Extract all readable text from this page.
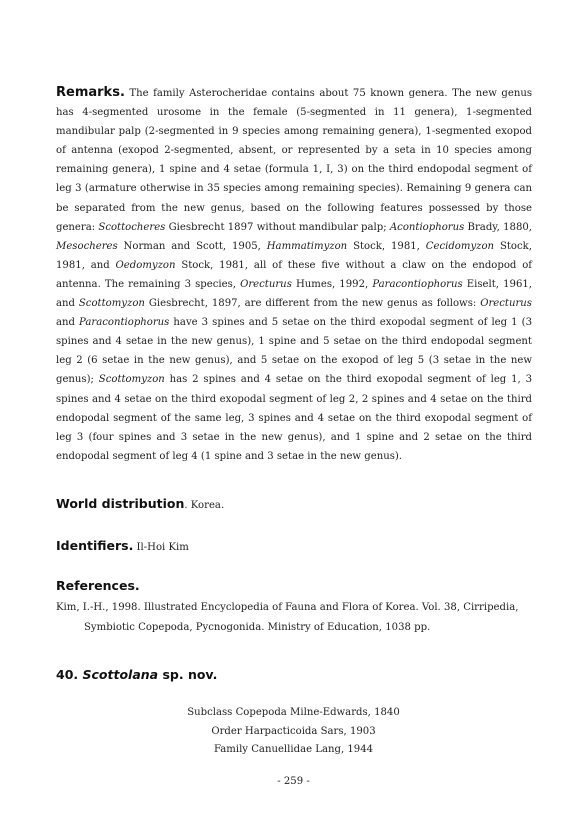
Remarks. The family Asterocheridae contains about 75 known genera. The new genus has 4-segmented urosome in the female (5-segmented in 11 genera), 1-segmented mandibular palp (2-segmented in 9 species among remaining genera), 1-segmented exopod of antenna (exopod 2-segmented, absent, or represented by a seta in 10 species among remaining genera), 1 spine and 4 setae (formula 1, I, 3) on the third endopodal segment of leg 3 (armature otherwise in 35 species among remaining species). Remaining 9 genera can be separated from the new genus, based on the following features possessed by those genera: Scottocheres Giesbrecht 1897 without mandibular palp; Acontiophorus Brady, 1880, Mesocheres Norman and Scott, 1905, Hammatimyzon Stock, 1981, Cecidomyzon Stock, 1981, and Oedomyzon Stock, 1981, all of these five without a claw on the endopod of antenna. The remaining 3 species, Orecturus Humes, 1992, Paracontiophorus Eiselt, 1961, and Scottomyzon Giesbrecht, 1897, are different from the new genus as follows: Orecturus and Paracontiophorus have 3 spines and 5 setae on the third exopodal segment of leg 1 (3 spines and 4 setae in the new genus), 1 spine and 5 setae on the third endopodal segment leg 2 (6 setae in the new genus), and 5 setae on the exopod of leg 5 (3 setae in the new genus); Scottomyzon has 2 spines and 4 setae on the third exopodal segment of leg 1, 3 spines and 4 setae on the third exopodal segment of leg 2, 2 spines and 4 setae on the third endopodal segment of the same leg, 3 spines and 4 setae on the third exopodal segment of leg 3 (four spines and 3 setae in the new genus), and 1 spine and 2 setae on the third endopodal segment of leg 4 (1 spine and 3 setae in the new genus).

World distribution. Korea.

Identifiers. Il-Hoi Kim

References.

Kim, I.-H., 1998. Illustrated Encyclopedia of Fauna and Flora of Korea. Vol. 38, Cirripedia, Symbiotic Copepoda, Pycnogonida. Ministry of Education, 1038 pp.

40. Scottolana sp. nov.

Subclass Copepoda Milne-Edwards, 1840
Order Harpacticoida Sars, 1903
Family Canuellidae Lang, 1944
- 259 -
